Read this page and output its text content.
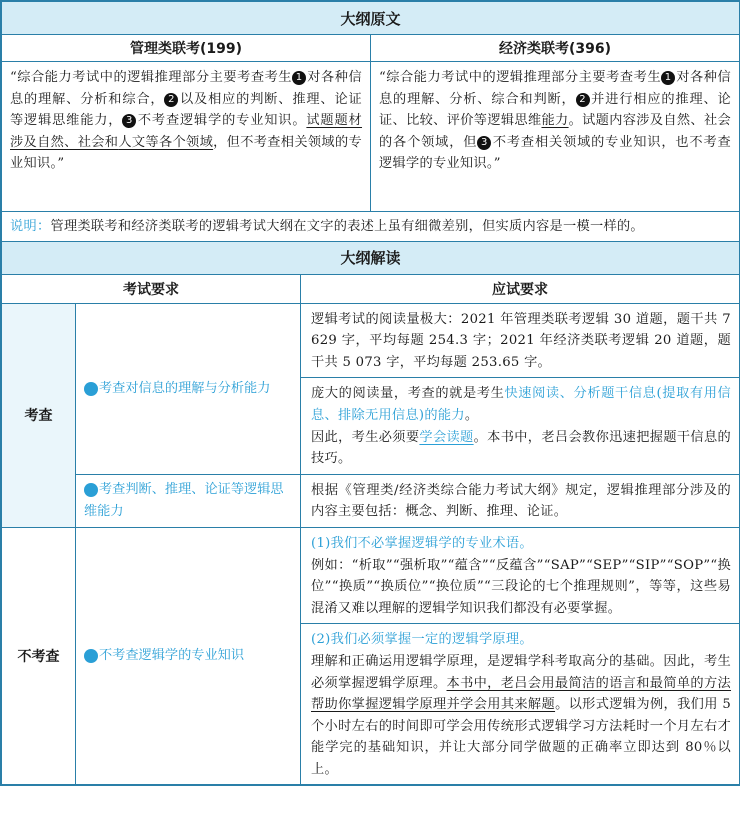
大纲原文			
管理类联考(199)			经济类联考(396)
“综合能力考试中的逻辑推理部分主要考查考生 1 对各种信息的理解、分析和综合， 2 以及相应的判断、推理、论证等逻辑思维能力， 3 不考查逻辑学的专业知识。试题题材涉及自然、社会和人文等各个领域，但不考查相关领域的专业知识。”			“综合能力考试中的逻辑推理部分主要考查考生 1 对各种信息的理解、分析、综合和判断， 2 并进行相应的推理、论证、比较、评价等逻辑思维能力。试题内容涉及自然、社会的各个领域，但 3 不考查相关领域的专业知识，也不考查逻辑学的专业知识。”
说明：管理类联考和经济类联考的逻辑考试大纲在文字的表述上虽有细微差别，但实质内容是一模一样的。			
大纲解读			
考试要求		应试要求	
考查	1 考查对信息的理解与分析能力	逻辑考试的阅读量极大：2021 年管理类联考逻辑 30 道题，题干共 7 629 字，平均每题 254.3 字；2021 年经济类联考逻辑 20 道题，题干共 5 073 字，平均每题 253.65 字。	
		庞大的阅读量，考查的就是考生快速阅读、分析题干信息(提取有用信息、排除无用信息)的能力。
因此，考生必须要学会读题。本书中，老吕会教你迅速把握题干信息的技巧。	
	2 考查判断、推理、论证等逻辑思维能力	根据《管理类/经济类综合能力考试大纲》规定，逻辑推理部分涉及的内容主要包括：概念、判断、推理、论证。	
不考查	3 不考查逻辑学的专业知识	(1)我们不必掌握逻辑学的专业术语。
例如：“析取”“强析取”“蕴含”“反蕴含”“SAP”“SEP”“SIP”“SOP”“换位”“换质”“换质位”“换位质”“三段论的七个推理规则”，等等，这些易混淆又难以理解的逻辑学知识我们都没有必要掌握。	
		(2)我们必须掌握一定的逻辑学原理。
理解和正确运用逻辑学原理，是逻辑学科考取高分的基础。因此，考生必须掌握逻辑学原理。本书中，老吕会用最简洁的语言和最简单的方法帮助你掌握逻辑学原理并学会用其来解题。以形式逻辑为例，我们用 5 个小时左右的时间即可学会用传统形式逻辑学习方法耗时一个月左右才能学完的基础知识，并让大部分同学做题的正确率立即达到 80％以上。	
